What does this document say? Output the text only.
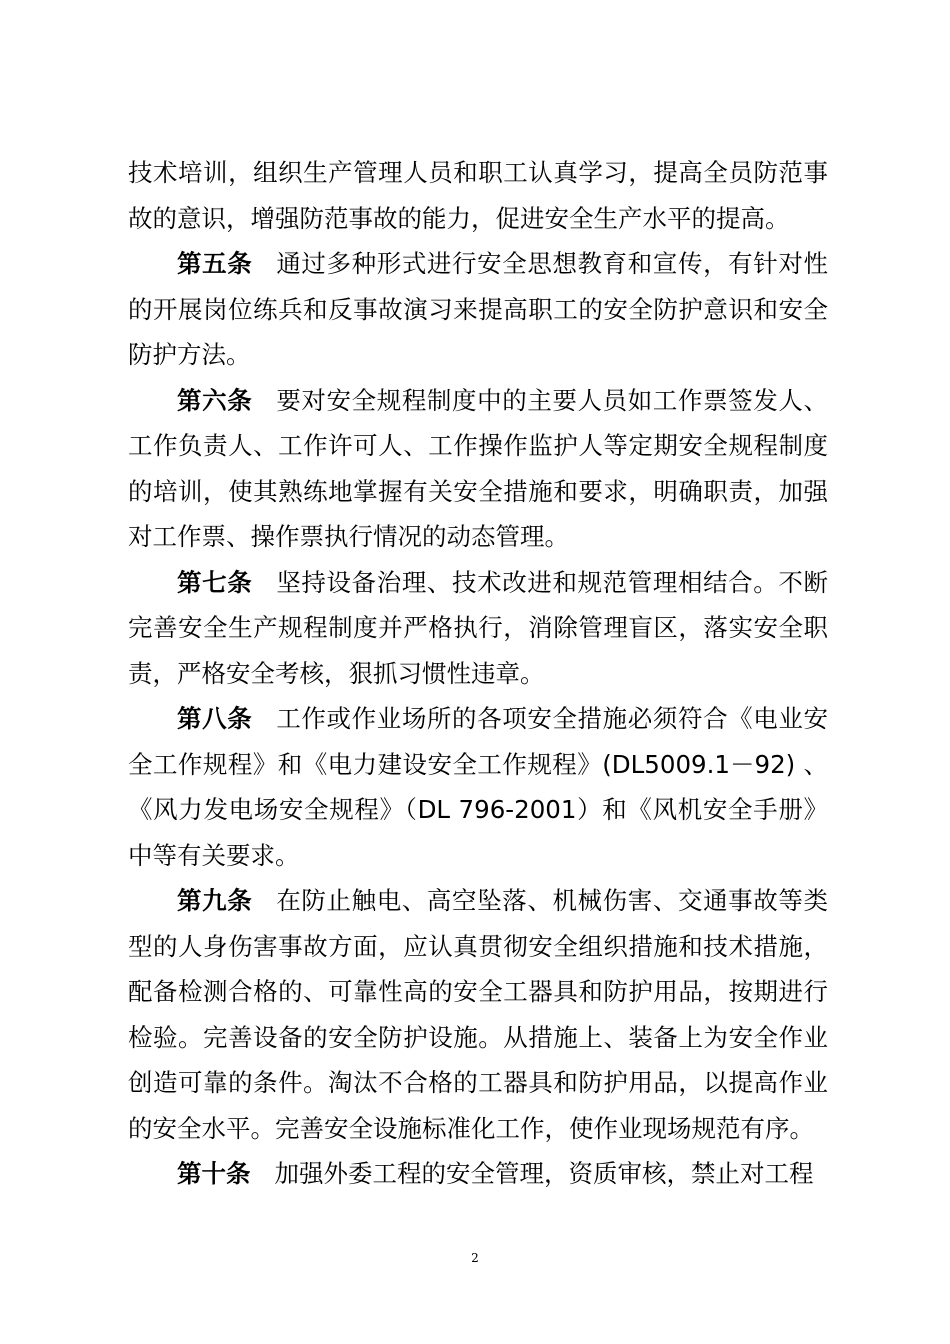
技术培训，组织生产管理人员和职工认真学习，提高全员防范事故的意识，增强防范事故的能力，促进安全生产水平的提高。

第五条 通过多种形式进行安全思想教育和宣传，有针对性的开展岗位练兵和反事故演习来提高职工的安全防护意识和安全防护方法。

第六条 要对安全规程制度中的主要人员如工作票签发人、工作负责人、工作许可人、工作操作监护人等定期安全规程制度的培训，使其熟练地掌握有关安全措施和要求，明确职责，加强对工作票、操作票执行情况的动态管理。

第七条 坚持设备治理、技术改进和规范管理相结合。不断完善安全生产规程制度并严格执行，消除管理盲区，落实安全职责，严格安全考核，狠抓习惯性违章。

第八条 工作或作业场所的各项安全措施必须符合《电业安全工作规程》和《电力建设安全工作规程》(DL5009.1－92) 、《风力发电场安全规程》（DL 796-2001）和《风机安全手册》中等有关要求。

第九条 在防止触电、高空坠落、机械伤害、交通事故等类型的人身伤害事故方面，应认真贯彻安全组织措施和技术措施，配备检测合格的、可靠性高的安全工器具和防护用品，按期进行检验。完善设备的安全防护设施。从措施上、装备上为安全作业创造可靠的条件。淘汰不合格的工器具和防护用品，以提高作业的安全水平。完善安全设施标准化工作，使作业现场规范有序。

第十条 加强外委工程的安全管理，资质审核，禁止对工程

2
